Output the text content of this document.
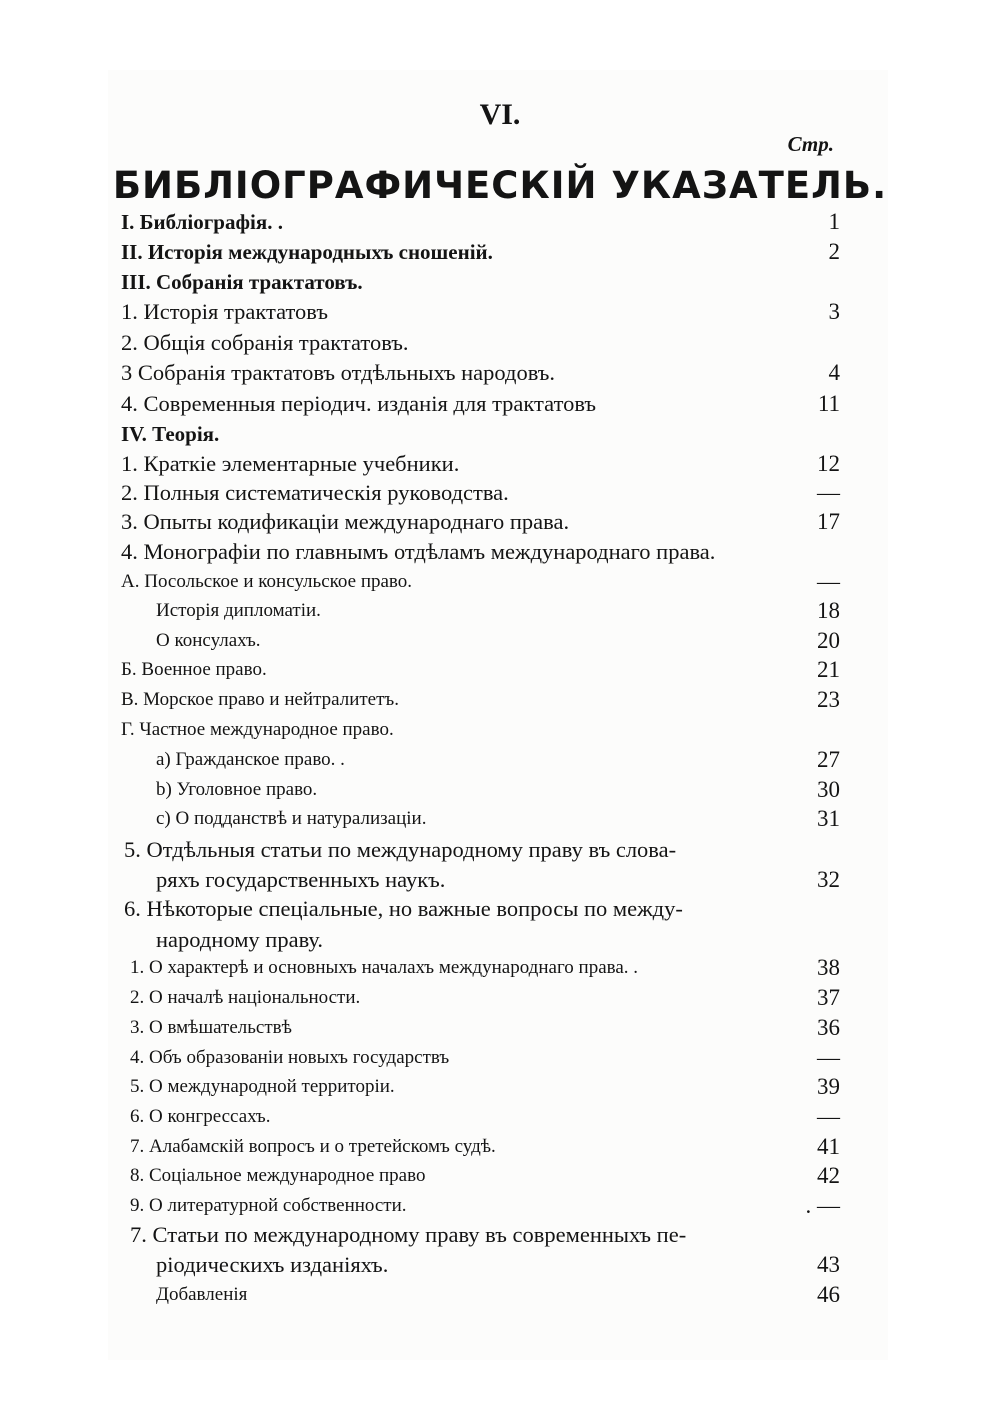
VI.
Стр.
БИБЛІОГРАФИЧЕСКІЙ УКАЗАТЕЛЬ.
I. Библіографія. .	1
II. Исторія международныхъ сношеній.	2
III. Собранія трактатовъ.
1. Исторія трактатовъ	3
2. Общія собранія трактатовъ.
3 Собранія трактатовъ отдѣльныхъ народовъ.	4
4. Современныя періодич. изданія для трактатовъ	11
IV. Теорія.
1. Краткіе элементарные учебники.	12
2. Полныя систематическія руководства.	—
3. Опыты кодификаціи международнаго права.	17
4. Монографіи по главнымъ отдѣламъ международнаго права.
А. Посольское и консульское право.	—
Исторія дипломатіи.	18
О консулахъ.	20
Б. Военное право.	21
В. Морское право и нейтралитетъ.	23
Г. Частное международное право.
a) Гражданское право. .	27
b) Уголовное право.	30
c) О подданствѣ и натурализаціи.	31
5. Отдѣльныя статьи по международному праву въ слова-
ряхъ государственныхъ наукъ.	32
6. Нѣкоторые спеціальные, но важные вопросы по между-
народному праву.
1. О характерѣ и основныхъ началахъ международнаго права. .	38
2. О началѣ національности.	37
3. О вмѣшательствѣ	36
4. Объ образованіи новыхъ государствъ	—
5. О международной территоріи.	39
6. О конгрессахъ.	—
7. Алабамскій вопросъ и о третейскомъ судѣ.	41
8. Соціальное международное право	42
9. О литературной собственности.	. —
7. Статьи по международному праву въ современныхъ пе-
ріодическихъ изданіяхъ.	43
Добавленія	46
